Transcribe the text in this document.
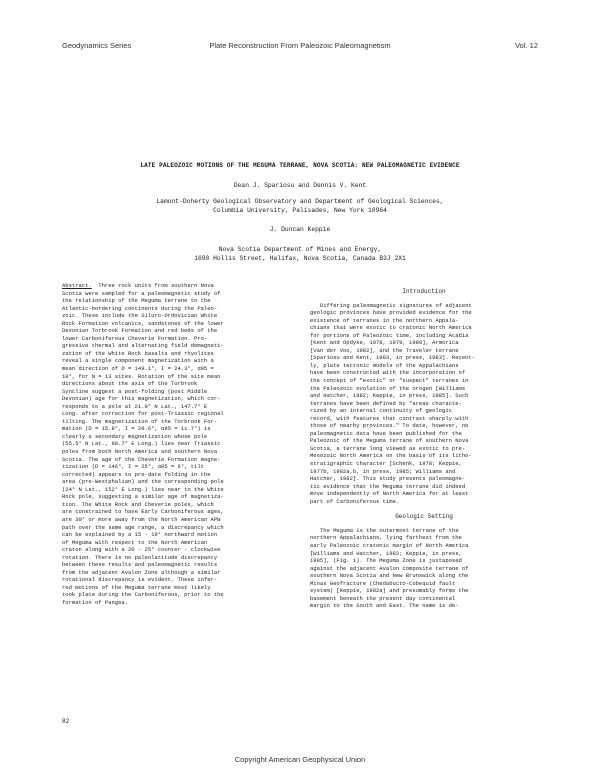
Geodynamics Series	Plate Reconstruction From Paleozoic Paleomagnetism	Vol. 12
LATE PALEOZOIC MOTIONS OF THE MEGUMA TERRANE, NOVA SCOTIA: NEW PALEOMAGNETIC EVIDENCE
Dean J. Spariosu and Dennis V. Kent
Lamont-Doherty Geological Observatory and Department of Geological Sciences,
Columbia University, Palisades, New York 10964
J. Duncan Keppie
Nova Scotia Department of Mines and Energy,
1690 Hollis Street, Halifax, Nova Scotia, Canada B3J 2X1
Abstract. Three rock units from southern Nova
Scotia were sampled for a paleomagnetic study of
the relationship of the Meguma terrane to the
Atlantic-bordering continents during the Paleo-
zoic. These include the Siluro-Ordovician White
Rock Formation volcanics, sandstones of the lower
Devonian Torbrook Formation and red beds of the
lower Carboniferous Cheverie Formation. Pro-
gressive thermal and alternating field demagneti-
zation of the White Rock basalts and rhyolites
reveal a single component magnetization with a
mean direction of D = 149.1°, I = 24.3°, α95 =
10°, for N = 13 sites. Rotation of the site mean
directions about the axis of the Torbrook
Syncline suggest a post-folding (post Middle
Devonian) age for this magnetization, which cor-
responds to a pole at 21.9° N Lat., 147.7° E
Long. after correction for post-Triassic regional
tilting. The magnetization of the Torbrook For-
mation (D = 15.8°, I = 29.6°, α95 = 11.7°) is
clearly a secondary magnetization whose pole
(55.5° N Lat., 98.7° E Long.) lies near Triassic
poles from both North America and southern Nova
Scotia. The age of the Cheverie Formation magne-
tization (D = 146°, I = 25°, α95 = 6°, tilt
corrected) appears to pre-date folding in the
area (pre-Westphalian) and the corresponding pole
(24° N Lat., 152° E Long.) lies near to the White
Rock pole, suggesting a similar age of magnetiza-
tion. The White Rock and Cheverie poles, which
are constrained to have Early Carboniferous ages,
are 30° or more away from the North American APW
path over the same age range, a discrepancy which
can be explained by a 15 - 19° northward motion
of Meguma with respect to the North American
craton along with a 20 - 25° counter - clockwise
rotation. There is no paleolatitude discrepancy
between these results and paleomagnetic results
from the adjacent Avalon Zone although a similar
rotational discrepancy is evident. These infer-
red motions of the Meguma terrane most likely
took place during the Carboniferous, prior to the
formation of Pangea.
Introduction
Differing paleomagnetic signatures of adjacent
geologic provinces have provided evidence for the
existence of terranes in the northern Appala-
chians that were exotic to cratonic North America
for portions of Paleozoic time, including Acadia
[Kent and Opdyke, 1978, 1979, 1980], Armorica
[Van der Voo, 1982], and the Traveler terrane
[Spariosu and Kent, 1983, in press, 1983]. Recent-
ly, plate tectonic models of the Appalachians
have been constructed with the incorporation of
the concept of "exotic" or "suspect" terranes in
the Paleozoic evolution of the orogen [Williams
and Hatcher, 1982; Keppie, in press, 1985]. Such
terranes have been defined by "areas characte-
rized by an internal continuity of geologic
record, with features that contrast sharply with
those of nearby provinces." To date, however, no
paleomagnetic data have been published for the
Paleozoic of the Meguma terrane of southern Nova
Scotia, a terrane long viewed as exotic to pre-
Mesozoic North America on the basis of its litho-
stratigraphic character [Schenk, 1978; Keppie,
1977b, 1982a,b, in press, 1985; Williams and
Hatcher, 1982]. This study presents paleomagne-
tic evidence that the Meguma terrane did indeed
move independently of North America for at least
part of Carboniferous time.
Geologic Setting
The Meguma is the outermost terrane of the
northern Appalachians, lying farthest from the
early Paleozoic cratonic margin of North America
[Williams and Hatcher, 1982; Keppie, in press,
1985], (Fig. 1). The Meguma Zone is juxtaposed
against the adjacent Avalon composite terrane of
southern Nova Scotia and New Brunswick along the
Minas Geofracture (Chedabucto-Cobequid fault
system) [Keppie, 1982a] and presumably forms the
basement beneath the present day continental
margin to the South and East. The name is de-
82
Copyright American Geophysical Union
